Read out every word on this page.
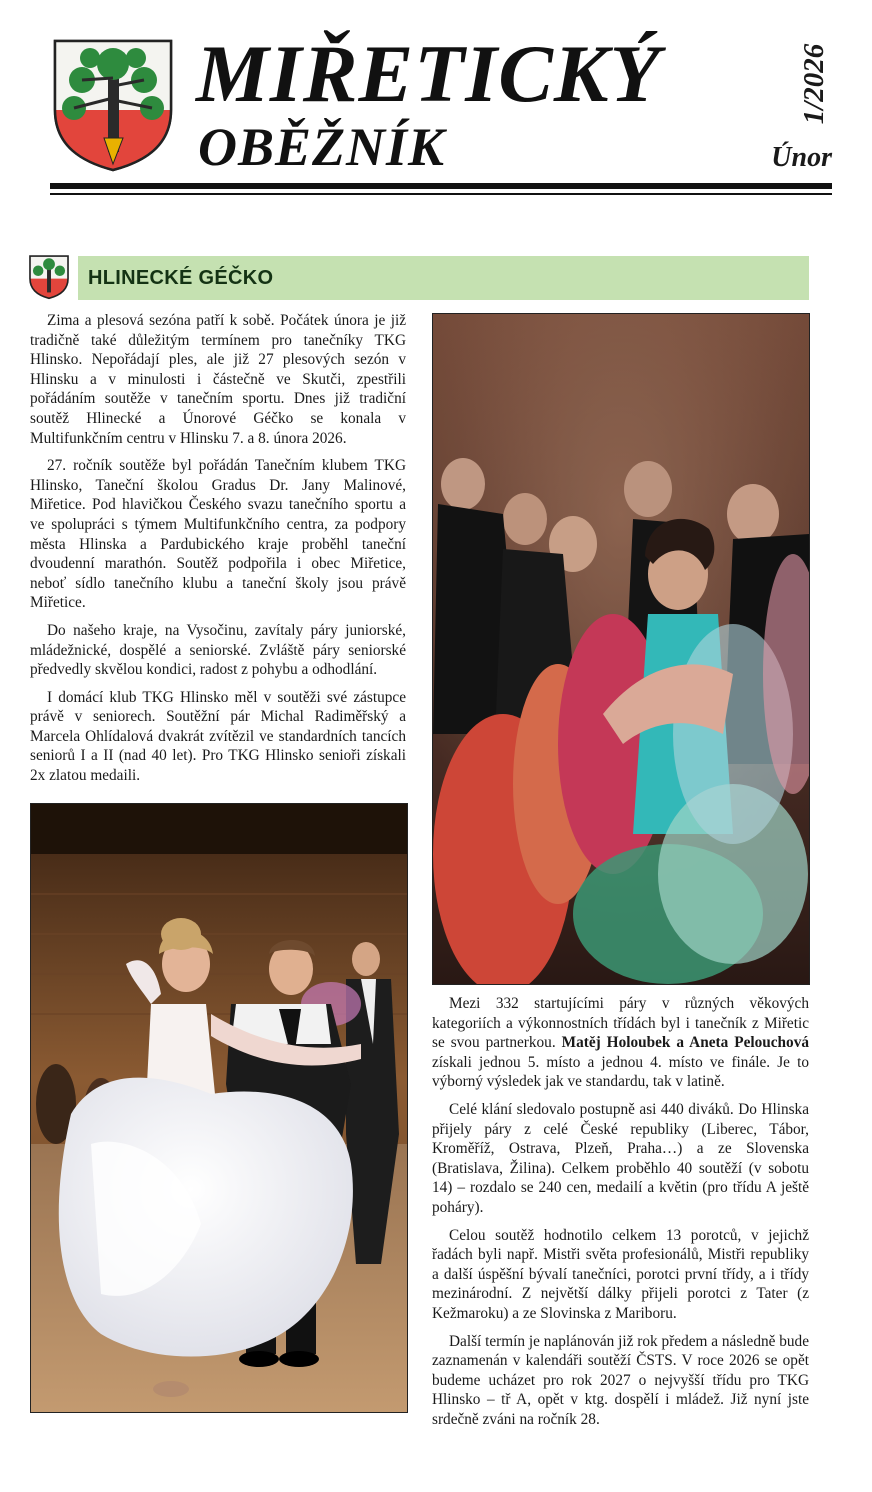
MIŘETICKÝ
OBĚŽNÍK
1/2026
Únor
HLINECKÉ GÉČKO

Zima a plesová sezóna patří k sobě. Počátek února je již tradičně také důležitým termínem pro tanečníky TKG Hlinsko. Nepořádají ples, ale již 27 plesových sezón v Hlinsku a v minulosti i částečně ve Skutči, zpestřili pořádáním soutěže v tanečním sportu. Dnes již tradiční soutěž Hlinecké a Únorové Géčko se konala v Multifunkčním centru v Hlinsku 7. a 8. února 2026.

27. ročník soutěže byl pořádán Tanečním klubem TKG Hlinsko, Taneční školou Gradus Dr. Jany Malinové, Miřetice. Pod hlavičkou Českého svazu tanečního sportu a ve spolupráci s týmem Multifunkčního centra, za podpory města Hlinska a Pardubického kraje proběhl taneční dvoudenní marathón. Soutěž podpořila i obec Miřetice, neboť sídlo tanečního klubu a taneční školy jsou právě Miřetice.

Do našeho kraje, na Vysočinu, zavítaly páry juniorské, mládežnické, dospělé a seniorské. Zvláště páry seniorské předvedly skvělou kondici, radost z pohybu a odhodlání.

I domácí klub TKG Hlinsko měl v soutěži své zástupce právě v seniorech. Soutěžní pár Michal Radiměřský a Marcela Ohlídalová dvakrát zvítězil ve standardních tancích seniorů I a II (nad 40 let). Pro TKG Hlinsko senioři získali 2x zlatou medaili.

Mezi 332 startujícími páry v různých věkových kategoriích a výkonnostních třídách byl i tanečník z Miřetic se svou partnerkou. Matěj Holoubek a Aneta Pelouchová získali jednou 5. místo a jednou 4. místo ve finále. Je to výborný výsledek jak ve standardu, tak v latině.

Celé klání sledovalo postupně asi 440 diváků. Do Hlinska přijely páry z celé České republiky (Liberec, Tábor, Kroměříž, Ostrava, Plzeň, Praha…) a ze Slovenska (Bratislava, Žilina). Celkem proběhlo 40 soutěží (v sobotu 14) – rozdalo se 240 cen, medailí a květin (pro třídu A ještě poháry).

Celou soutěž hodnotilo celkem 13 porotců, v jejichž řadách byli např. Mistři světa profesionálů, Mistři republiky a další úspěšní bývalí tanečníci, porotci první třídy, a i třídy mezinárodní. Z největší dálky přijeli porotci z Tater (z Kežmaroku) a ze Slovinska z Mariboru.

Další termín je naplánován již rok předem a následně bude zaznamenán v kalendáři soutěží ČSTS. V roce 2026 se opět budeme ucházet pro rok 2027 o nejvyšší třídu pro TKG Hlinsko – tř A, opět v ktg. dospělí i mládež. Již nyní jste srdečně zváni na ročník 28.
